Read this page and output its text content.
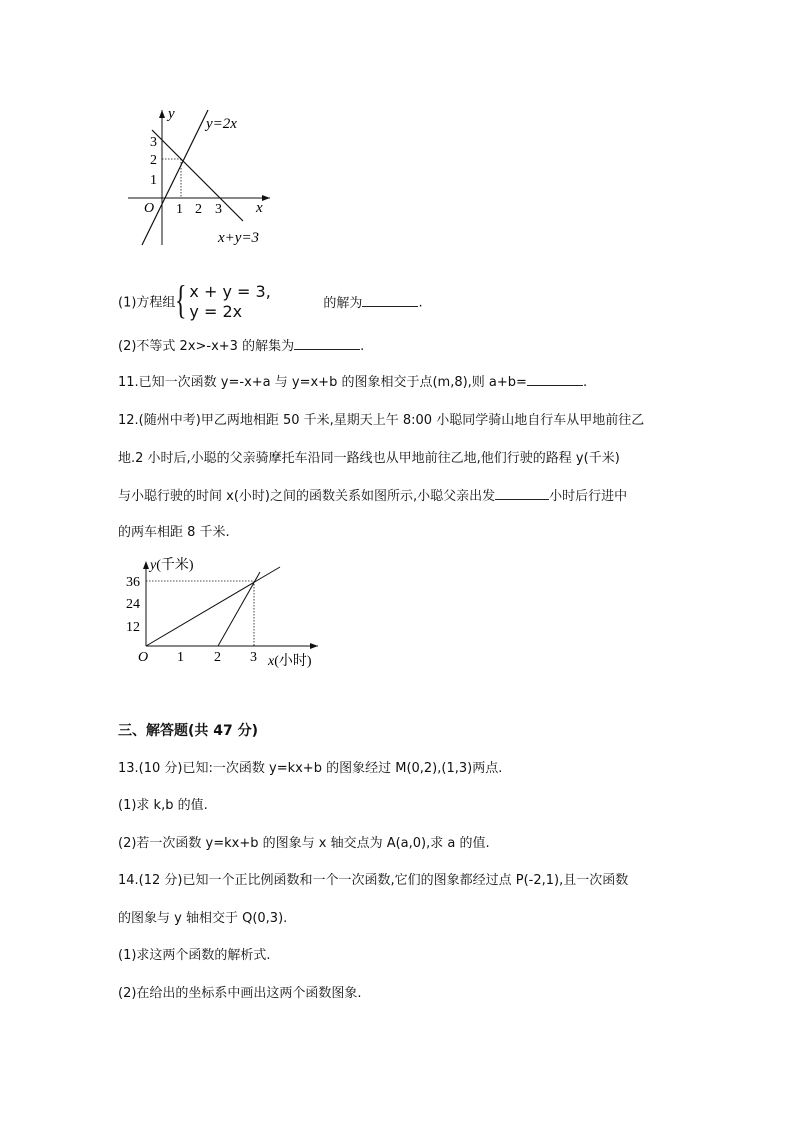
O 1 2 3
1
2
3
x
y
y=2x
x+y=3
(1)方程组 { x + y = 3,
y = 2x	的解为	.
(2)不等式 2x>-x+3 的解集为	.
11.已知一次函数 y=-x+a 与 y=x+b 的图象相交于点(m,8),则 a+b=	.
12.(随州中考)甲乙两地相距 50 千米,星期天上午 8:00 小聪同学骑山地自行车从甲地前往乙
地.2 小时后,小聪的父亲骑摩托车沿同一路线也从甲地前往乙地,他们行驶的路程 y(千米)
与小聪行驶的时间 x(小时)之间的函数关系如图所示,小聪父亲出发	小时后行进中
的两车相距 8 千米.
O 1 2 3
12
24
36
y(千米)
x(小时)
三、解答题(共 47 分)
13.(10 分)已知:一次函数 y=kx+b 的图象经过 M(0,2),(1,3)两点.
(1)求 k,b 的值.
(2)若一次函数 y=kx+b 的图象与 x 轴交点为 A(a,0),求 a 的值.
14.(12 分)已知一个正比例函数和一个一次函数,它们的图象都经过点 P(-2,1),且一次函数
的图象与 y 轴相交于 Q(0,3).
(1)求这两个函数的解析式.
(2)在给出的坐标系中画出这两个函数图象.
